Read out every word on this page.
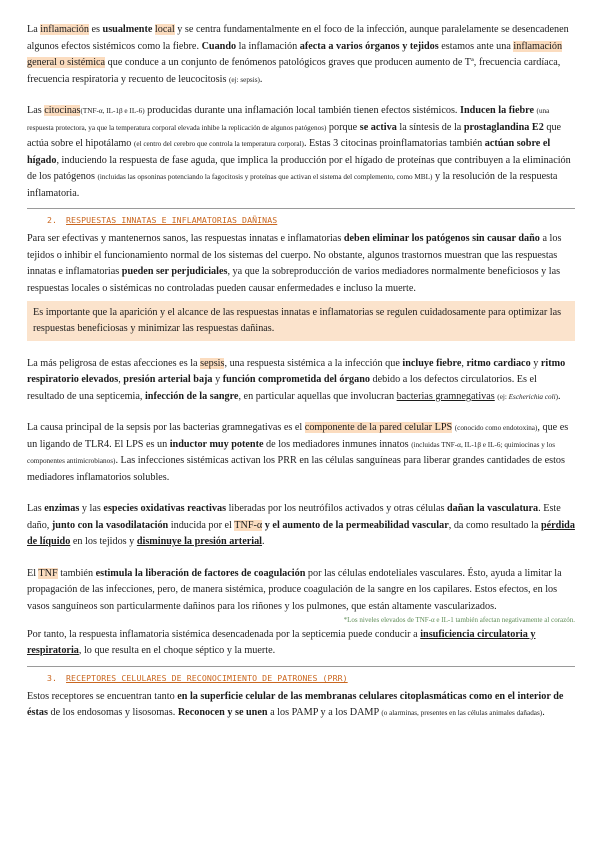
La inflamación es usualmente local y se centra fundamentalmente en el foco de la infección, aunque paralelamente se desencadenen algunos efectos sistémicos como la fiebre. Cuando la inflamación afecta a varios órganos y tejidos estamos ante una inflamación general o sistémica que conduce a un conjunto de fenómenos patológicos graves que producen aumento de Tª, frecuencia cardíaca, frecuencia respiratoria y recuento de leucocitosis (ej: sepsis).

Las citocinas(TNF-α, IL-1β e IL-6) producidas durante una inflamación local también tienen efectos sistémicos. Inducen la fiebre (una respuesta protectora, ya que la temperatura corporal elevada inhibe la replicación de algunos patógenos) porque se activa la síntesis de la prostaglandina E2 que actúa sobre el hipotálamo (el centro del cerebro que controla la temperatura corporal). Estas 3 citocinas proinflamatorias también actúan sobre el hígado, induciendo la respuesta de fase aguda, que implica la producción por el hígado de proteínas que contribuyen a la eliminación de los patógenos (incluidas las opsoninas potenciando la fagocitosis y proteínas que activan el sistema del complemento, como MBL) y la resolución de la respuesta inflamatoria.

2. RESPUESTAS INNATAS E INFLAMATORIAS DAÑINAS

Para ser efectivas y mantenernos sanos, las respuestas innatas e inflamatorias deben eliminar los patógenos sin causar daño a los tejidos o inhibir el funcionamiento normal de los sistemas del cuerpo. No obstante, algunos trastornos muestran que las respuestas innatas e inflamatorias pueden ser perjudiciales, ya que la sobreproducción de varios mediadores normalmente beneficiosos y las respuestas locales o sistémicas no controladas pueden causar enfermedades e incluso la muerte.

Es importante que la aparición y el alcance de las respuestas innatas e inflamatorias se regulen cuidadosamente para optimizar las respuestas beneficiosas y minimizar las respuestas dañinas.

La más peligrosa de estas afecciones es la sepsis, una respuesta sistémica a la infección que incluye fiebre, ritmo cardiaco y ritmo respiratorio elevados, presión arterial baja y función comprometida del órgano debido a los defectos circulatorios. Es el resultado de una septicemia, infección de la sangre, en particular aquellas que involucran bacterias gramnegativas (ej: Escherichia coli).

La causa principal de la sepsis por las bacterias gramnegativas es el componente de la pared celular LPS (conocido como endotoxina), que es un ligando de TLR4. El LPS es un inductor muy potente de los mediadores inmunes innatos (incluidas TNF-α, IL-1β e IL-6; quimiocinas y los componentes antimicrobianos). Las infecciones sistémicas activan los PRR en las células sanguíneas para liberar grandes cantidades de estos mediadores inflamatorios solubles.

Las enzimas y las especies oxidativas reactivas liberadas por los neutrófilos activados y otras células dañan la vasculatura. Este daño, junto con la vasodilatación inducida por el TNF-α y el aumento de la permeabilidad vascular, da como resultado la pérdida de líquido en los tejidos y disminuye la presión arterial.

El TNF también estimula la liberación de factores de coagulación por las células endoteliales vasculares. Ésto, ayuda a limitar la propagación de las infecciones, pero, de manera sistémica, produce coagulación de la sangre en los capilares. Estos efectos, en los vasos sanguíneos son particularmente dañinos para los riñones y los pulmones, que están altamente vascularizados.

*Los niveles elevados de TNF-α e IL-1 también afectan negativamente al corazón.

Por tanto, la respuesta inflamatoria sistémica desencadenada por la septicemia puede conducir a insuficiencia circulatoria y respiratoria, lo que resulta en el choque séptico y la muerte.

3. RECEPTORES CELULARES DE RECONOCIMIENTO DE PATRONES (PRR)

Estos receptores se encuentran tanto en la superficie celular de las membranas celulares citoplasmáticas como en el interior de éstas de los endosomas y lisosomas. Reconocen y se unen a los PAMP y a los DAMP (o alarminas, presentes en las células animales dañadas).
